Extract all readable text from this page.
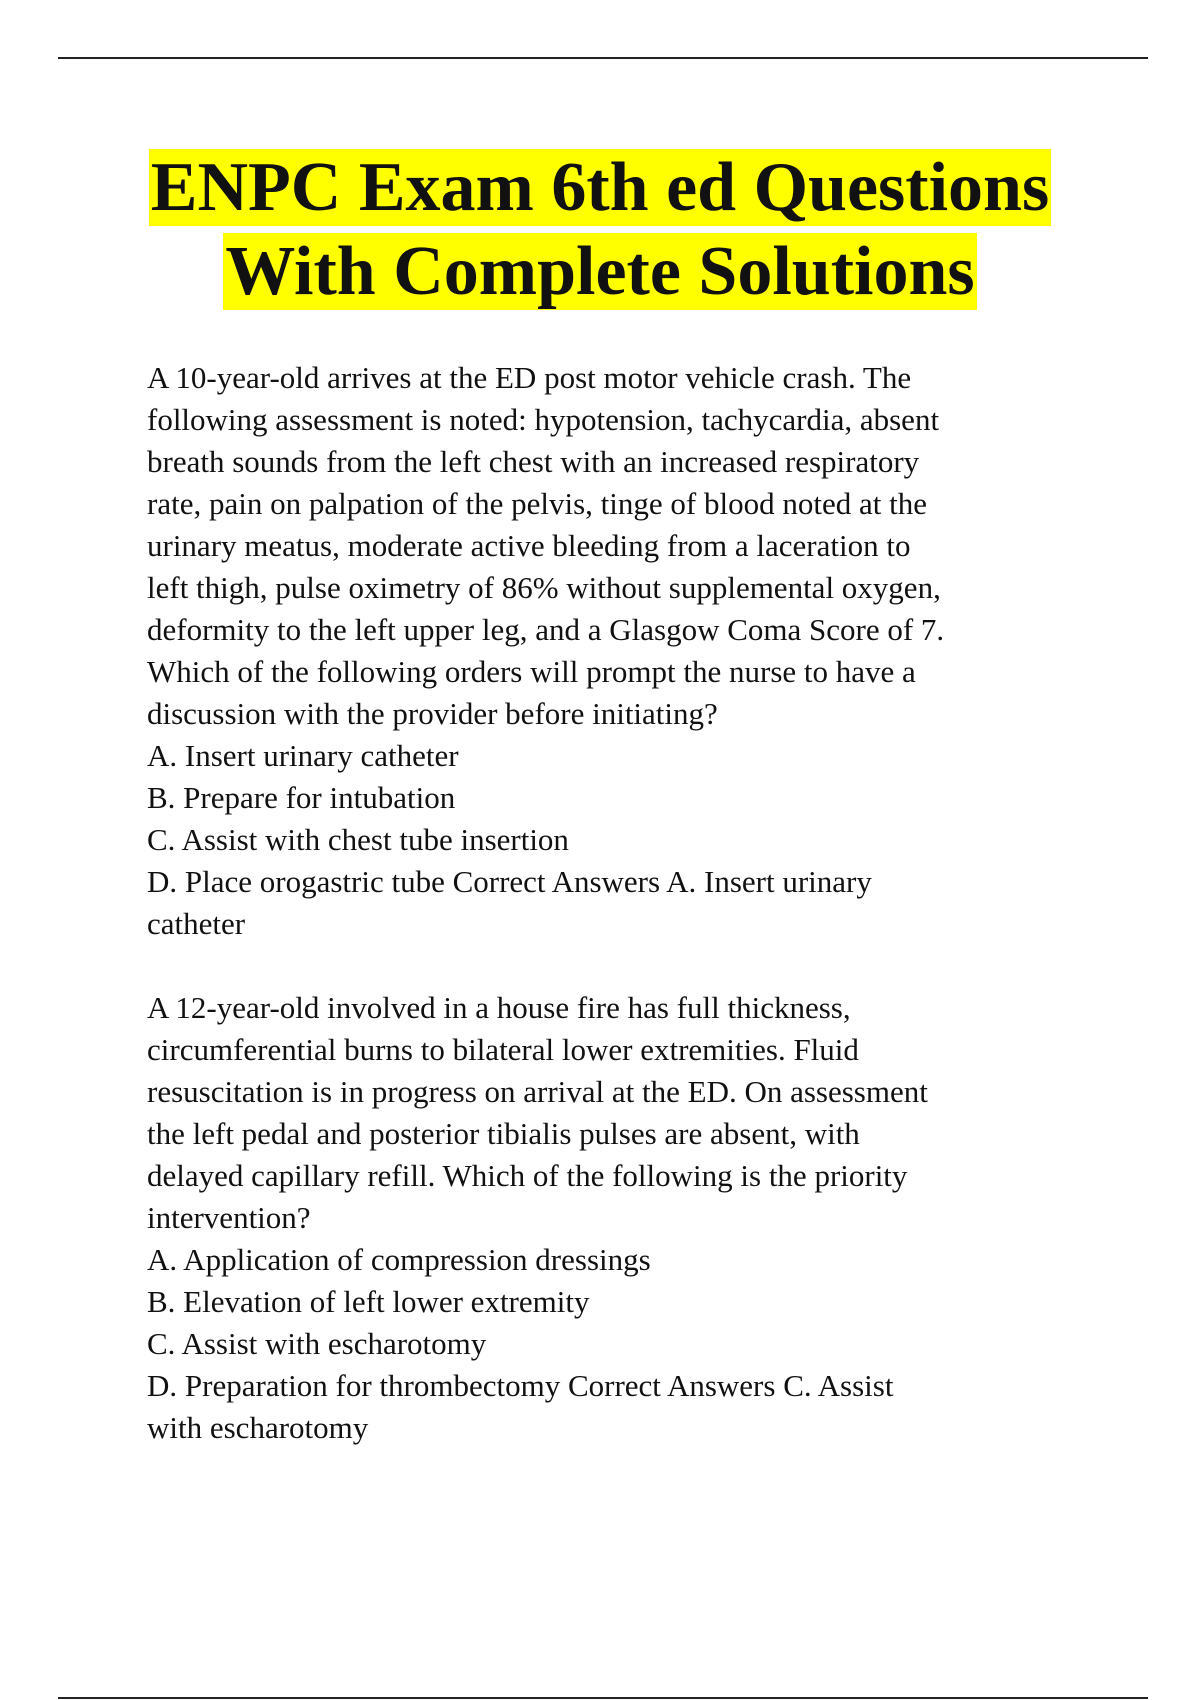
ENPC Exam 6th ed Questions
With Complete Solutions
A 10-year-old arrives at the ED post motor vehicle crash. The
following assessment is noted: hypotension, tachycardia, absent
breath sounds from the left chest with an increased respiratory
rate, pain on palpation of the pelvis, tinge of blood noted at the
urinary meatus, moderate active bleeding from a laceration to
left thigh, pulse oximetry of 86% without supplemental oxygen,
deformity to the left upper leg, and a Glasgow Coma Score of 7.
Which of the following orders will prompt the nurse to have a
discussion with the provider before initiating?
A. Insert urinary catheter
B. Prepare for intubation
C. Assist with chest tube insertion
D. Place orogastric tube Correct Answers A. Insert urinary
catheter
A 12-year-old involved in a house fire has full thickness,
circumferential burns to bilateral lower extremities. Fluid
resuscitation is in progress on arrival at the ED. On assessment
the left pedal and posterior tibialis pulses are absent, with
delayed capillary refill. Which of the following is the priority
intervention?
A. Application of compression dressings
B. Elevation of left lower extremity
C. Assist with escharotomy
D. Preparation for thrombectomy Correct Answers C. Assist
with escharotomy
